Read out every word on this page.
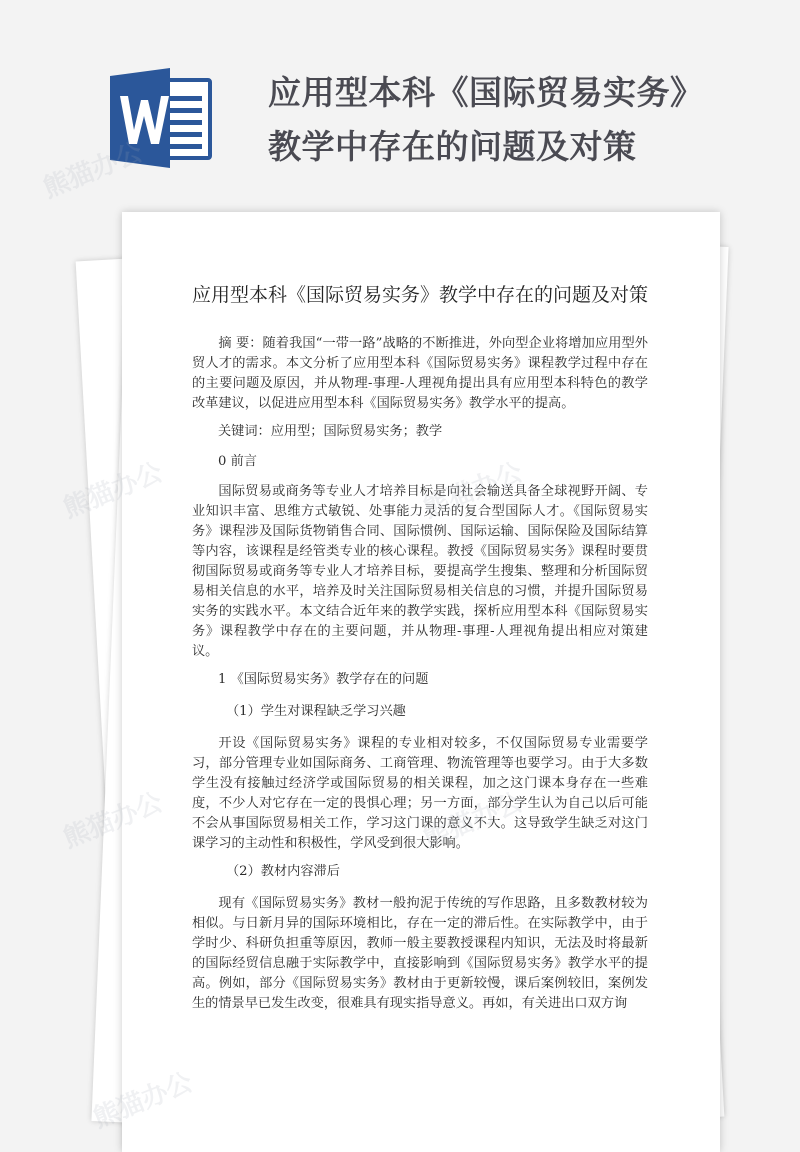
应用型本科《国际贸易实务》
教学中存在的问题及对策
应用型本科《国际贸易实务》教学中存在的问题及对策

摘 要：随着我国“一带一路”战略的不断推进，外向型企业将增加应用型外贸人才的需求。本文分析了应用型本科《国际贸易实务》课程教学过程中存在的主要问题及原因，并从物理-事理-人理视角提出具有应用型本科特色的教学改革建议，以促进应用型本科《国际贸易实务》教学水平的提高。

关键词：应用型；国际贸易实务；教学

0 前言

国际贸易或商务等专业人才培养目标是向社会输送具备全球视野开阔、专业知识丰富、思维方式敏锐、处事能力灵活的复合型国际人才。《国际贸易实务》课程涉及国际货物销售合同、国际惯例、国际运输、国际保险及国际结算等内容，该课程是经管类专业的核心课程。教授《国际贸易实务》课程时要贯彻国际贸易或商务等专业人才培养目标，要提高学生搜集、整理和分析国际贸易相关信息的水平，培养及时关注国际贸易相关信息的习惯，并提升国际贸易实务的实践水平。本文结合近年来的教学实践，探析应用型本科《国际贸易实务》课程教学中存在的主要问题，并从物理-事理-人理视角提出相应对策建议。

1 《国际贸易实务》教学存在的问题

（1）学生对课程缺乏学习兴趣

开设《国际贸易实务》课程的专业相对较多，不仅国际贸易专业需要学习，部分管理专业如国际商务、工商管理、物流管理等也要学习。由于大多数学生没有接触过经济学或国际贸易的相关课程，加之这门课本身存在一些难度，不少人对它存在一定的畏惧心理；另一方面，部分学生认为自己以后可能不会从事国际贸易相关工作，学习这门课的意义不大。这导致学生缺乏对这门课学习的主动性和积极性，学风受到很大影响。

（2）教材内容滞后

现有《国际贸易实务》教材一般拘泥于传统的写作思路，且多数教材较为相似。与日新月异的国际环境相比，存在一定的滞后性。在实际教学中，由于学时少、科研负担重等原因，教师一般主要教授课程内知识，无法及时将最新的国际经贸信息融于实际教学中，直接影响到《国际贸易实务》教学水平的提高。例如，部分《国际贸易实务》教材由于更新较慢，课后案例较旧，案例发生的情景早已发生改变，很难具有现实指导意义。再如，有关进出口双方询

熊猫办公
